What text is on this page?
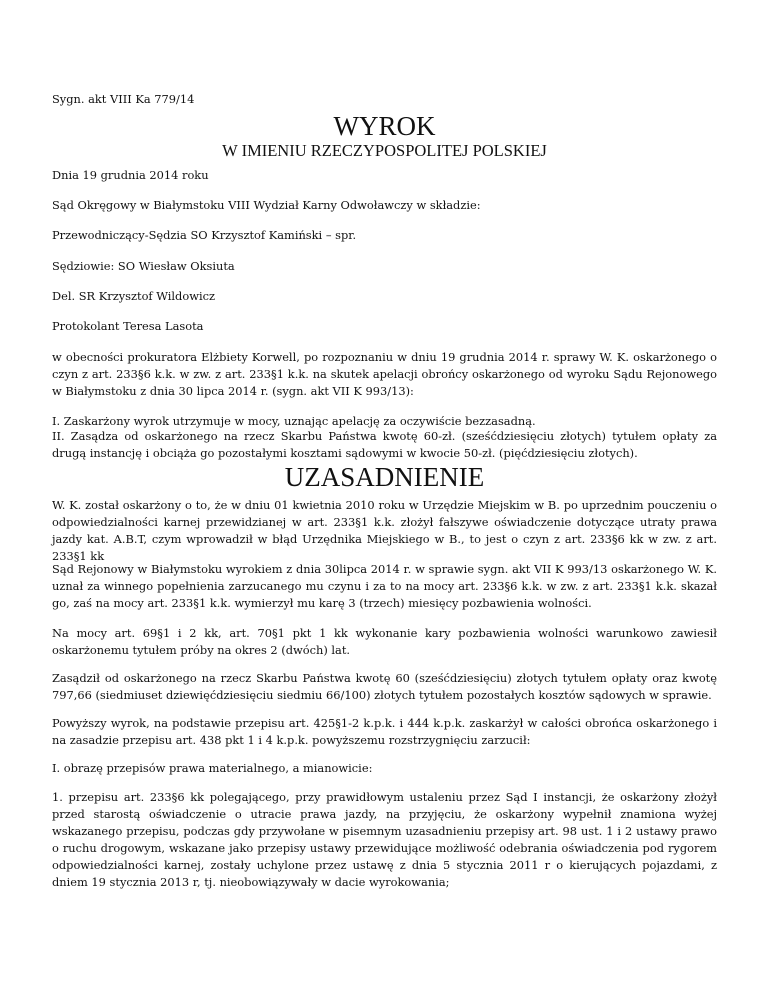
Sygn. akt VIII Ka 779/14
WYROK
W IMIENIU RZECZYPOSPOLITEJ POLSKIEJ

Dnia 19 grudnia 2014 roku

Sąd Okręgowy w Białymstoku VIII Wydział Karny Odwoławczy w składzie:

Przewodniczący-Sędzia SO Krzysztof Kamiński – spr.

Sędziowie: SO Wiesław Oksiuta

Del. SR Krzysztof Wildowicz

Protokolant Teresa Lasota

w obecności prokuratora Elżbiety Korwell, po rozpoznaniu w dniu 19 grudnia 2014 r. sprawy W. K. oskarżonego o czyn z art. 233§6 k.k. w zw. z art. 233§1 k.k. na skutek apelacji obrońcy oskarżonego od wyroku Sądu Rejonowego w Białymstoku z dnia 30 lipca 2014 r. (sygn. akt VII K 993/13):

I. Zaskarżony wyrok utrzymuje w mocy, uznając apelację za oczywiście bezzasadną.

II. Zasądza od oskarżonego na rzecz Skarbu Państwa kwotę 60-zł. (sześćdziesięciu złotych) tytułem opłaty za drugą instancję i obciąża go pozostałymi kosztami sądowymi w kwocie 50-zł. (pięćdziesięciu złotych).

UZASADNIENIE

W. K. został oskarżony o to, że w dniu 01 kwietnia 2010 roku w Urzędzie Miejskim w B. po uprzednim pouczeniu o odpowiedzialności karnej przewidzianej w art. 233§1 k.k. złożył fałszywe oświadczenie dotyczące utraty prawa jazdy kat. A.B.T, czym wprowadził w błąd Urzędnika Miejskiego w B., to jest o czyn z art. 233§6 kk w zw. z art. 233§1 kk

Sąd Rejonowy w Białymstoku wyrokiem z dnia 30lipca 2014 r. w sprawie sygn. akt VII K 993/13 oskarżonego W. K. uznał za winnego popełnienia zarzucanego mu czynu i za to na mocy art. 233§6 k.k. w zw. z art. 233§1 k.k. skazał go, zaś na mocy art. 233§1 k.k. wymierzył mu karę 3 (trzech) miesięcy pozbawienia wolności.

Na mocy art. 69§1 i 2 kk, art. 70§1 pkt 1 kk wykonanie kary pozbawienia wolności warunkowo zawiesił oskarżonemu tytułem próby na okres 2 (dwóch) lat.

Zasądził od oskarżonego na rzecz Skarbu Państwa kwotę 60 (sześćdziesięciu) złotych tytułem opłaty oraz kwotę 797,66 (siedmiuset dziewięćdziesięciu siedmiu 66/100) złotych tytułem pozostałych kosztów sądowych w sprawie.

Powyższy wyrok, na podstawie przepisu art. 425§1-2 k.p.k. i 444 k.p.k. zaskarżył w całości obrońca oskarżonego i na zasadzie przepisu art. 438 pkt 1 i 4 k.p.k. powyższemu rozstrzygnięciu zarzucił:

I. obrazę przepisów prawa materialnego, a mianowicie:

1. przepisu art. 233§6 kk polegającego, przy prawidłowym ustaleniu przez Sąd I instancji, że oskarżony złożył przed starostą oświadczenie o utracie prawa jazdy, na przyjęciu, że oskarżony wypełnił znamiona wyżej wskazanego przepisu, podczas gdy przywołane w pisemnym uzasadnieniu przepisy art. 98 ust. 1 i 2 ustawy prawo o ruchu drogowym, wskazane jako przepisy ustawy przewidujące możliwość odebrania oświadczenia pod rygorem odpowiedzialności karnej, zostały uchylone przez ustawę z dnia 5 stycznia 2011 r o kierujących pojazdami, z dniem 19 stycznia 2013 r, tj. nieobowiązywały w dacie wyrokowania;
